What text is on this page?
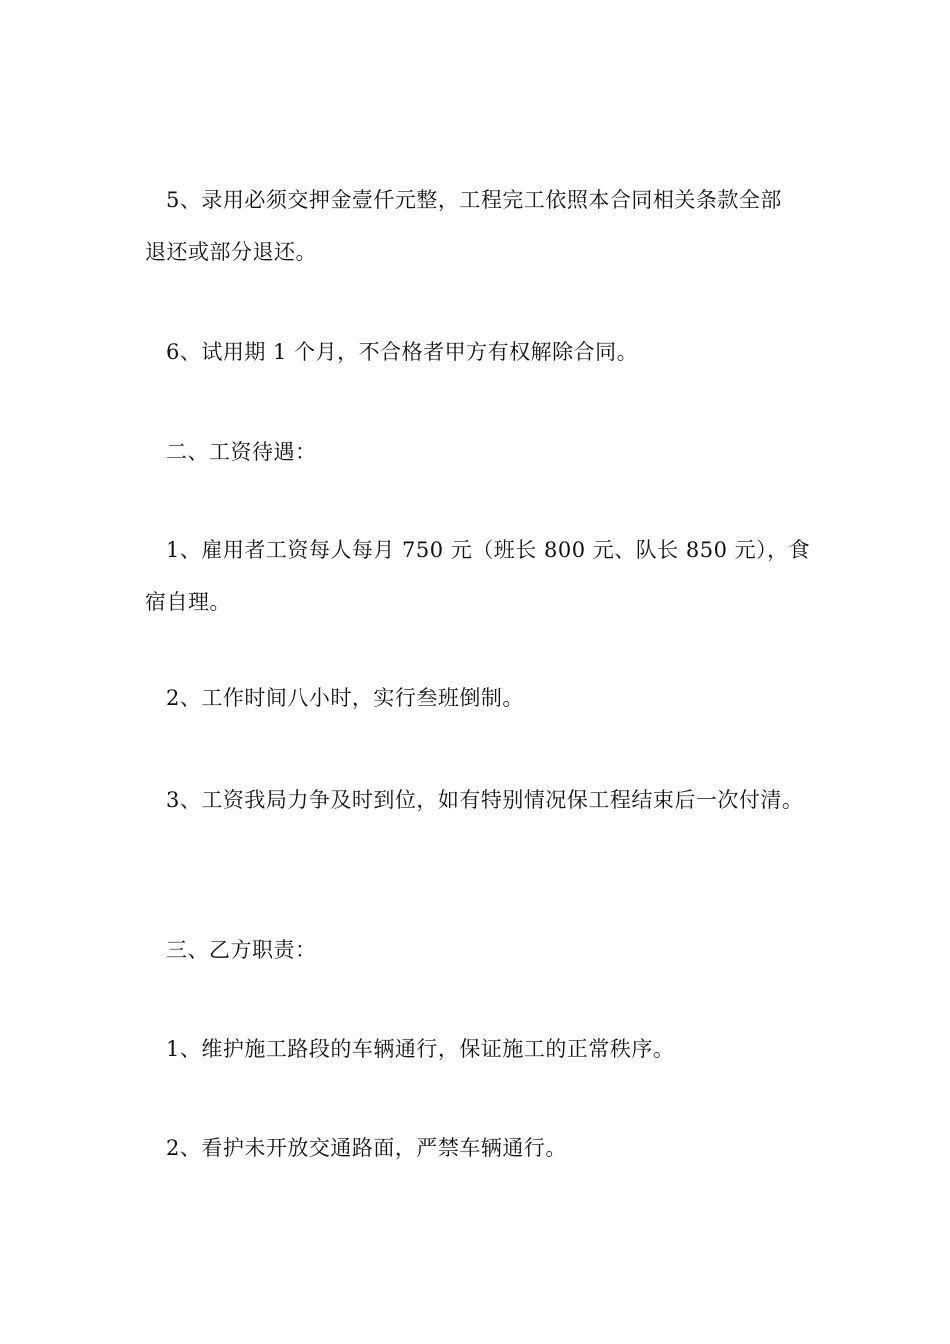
5、录用必须交押金壹仟元整，工程完工依照本合同相关条款全部
退还或部分退还。
6、试用期 1 个月，不合格者甲方有权解除合同。
二、工资待遇：
1、雇用者工资每人每月 750 元（班长 800 元、队长 850 元），食
宿自理。
2、工作时间八小时，实行叁班倒制。
3、工资我局力争及时到位，如有特别情况保工程结束后一次付清。
三、乙方职责：
1、维护施工路段的车辆通行，保证施工的正常秩序。
2、看护未开放交通路面，严禁车辆通行。
